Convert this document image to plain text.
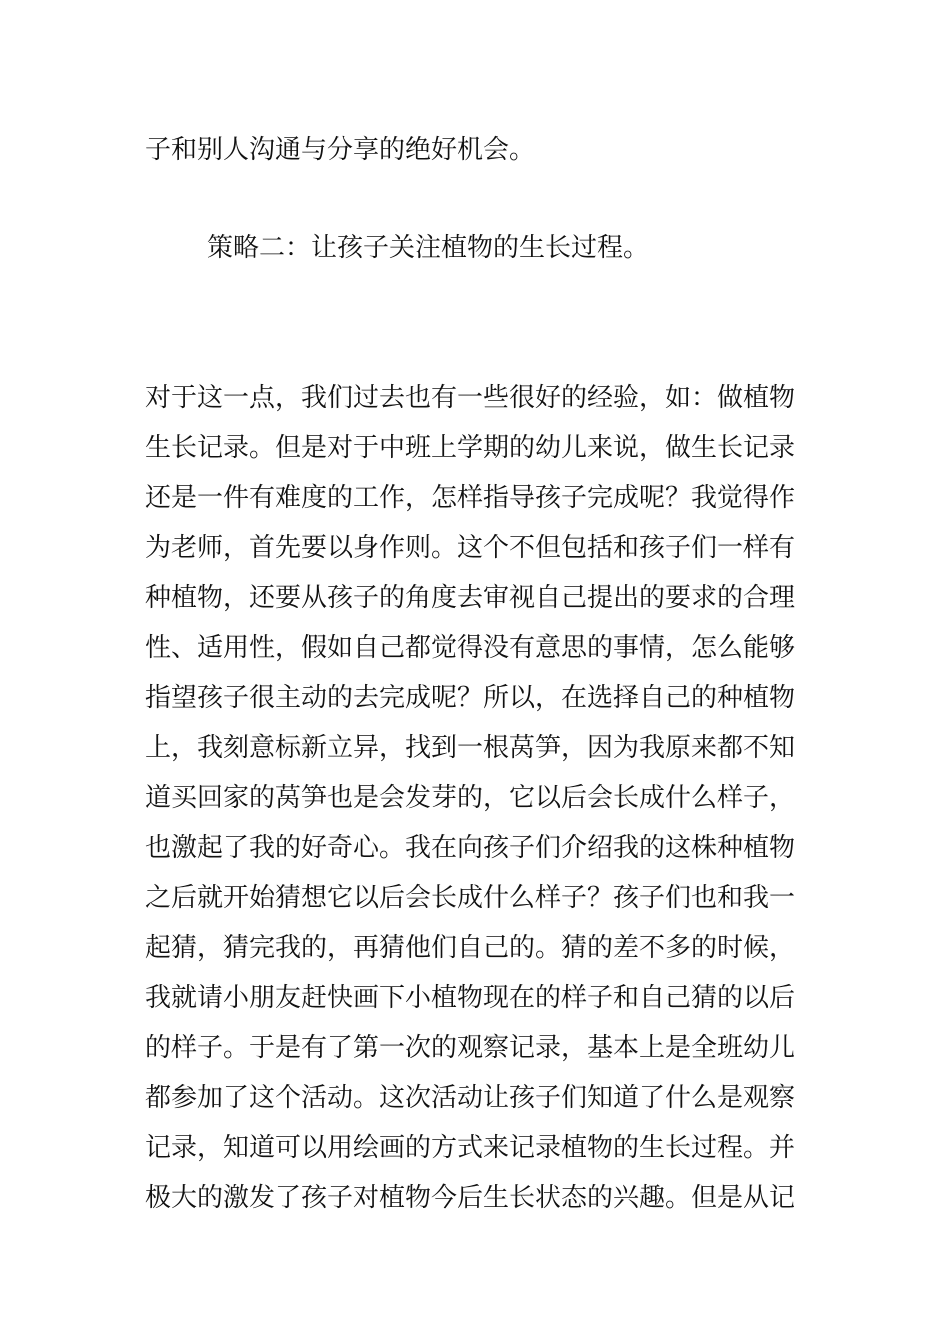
子和别人沟通与分享的绝好机会。
策略二：让孩子关注植物的生长过程。
对于这一点，我们过去也有一些很好的经验，如：做植物
生长记录。但是对于中班上学期的幼儿来说，做生长记录
还是一件有难度的工作，怎样指导孩子完成呢？我觉得作
为老师，首先要以身作则。这个不但包括和孩子们一样有
种植物，还要从孩子的角度去审视自己提出的要求的合理
性、适用性，假如自己都觉得没有意思的事情，怎么能够
指望孩子很主动的去完成呢？所以，在选择自己的种植物
上，我刻意标新立异，找到一根莴笋，因为我原来都不知
道买回家的莴笋也是会发芽的，它以后会长成什么样子，
也激起了我的好奇心。我在向孩子们介绍我的这株种植物
之后就开始猜想它以后会长成什么样子？孩子们也和我一
起猜，猜完我的，再猜他们自己的。猜的差不多的时候，
我就请小朋友赶快画下小植物现在的样子和自己猜的以后
的样子。于是有了第一次的观察记录，基本上是全班幼儿
都参加了这个活动。这次活动让孩子们知道了什么是观察
记录，知道可以用绘画的方式来记录植物的生长过程。并
极大的激发了孩子对植物今后生长状态的兴趣。但是从记
